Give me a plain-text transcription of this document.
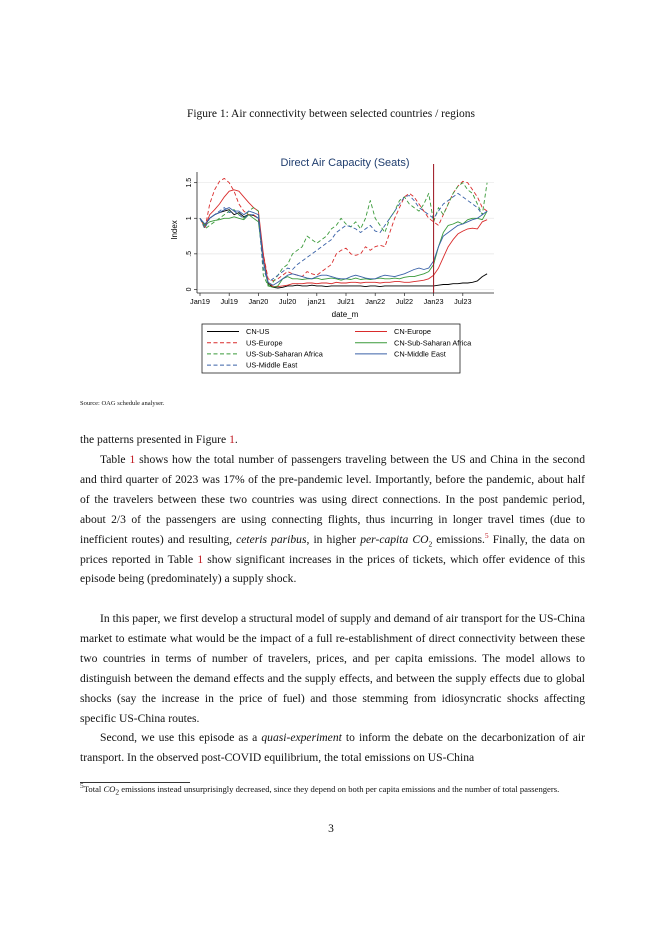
Figure 1: Air connectivity between selected countries / regions
Direct Air Capacity (Seats)
0
.5
1
1.5
Jan19 Jul19 Jan20 Jul20 jan21 Jul21 Jan22 Jul22 Jan23 Jul23
Index
date_m
CN-US	CN-Europe
US-Europe	CN-Sub-Saharan Africa
US-Sub-Saharan Africa	CN-Middle East
US-Middle East
Source: OAG schedule analyser.

the patterns presented in Figure 1.

Table 1 shows how the total number of passengers traveling between the US and China in the second and third quarter of 2023 was 17% of the pre-pandemic level. Importantly, before the pandemic, about half of the travelers between these two countries was using direct connections. In the post pandemic period, about 2/3 of the passengers are using connecting flights, thus incurring in longer travel times (due to inefficient routes) and resulting, ceteris paribus, in higher per-capita $CO_2$ emissions.$^5$ Finally, the data on prices reported in Table 1 show significant increases in the prices of tickets, which offer evidence of this episode being (predominately) a supply shock.

In this paper, we first develop a structural model of supply and demand of air transport for the US-China market to estimate what would be the impact of a full re-establishment of direct connectivity between these two countries in terms of number of travelers, prices, and per capita emissions. The model allows to distinguish between the demand effects and the supply effects, and between the supply effects due to global shocks (say the increase in the price of fuel) and those stemming from idiosyncratic shocks affecting specific US-China routes.

Second, we use this episode as a quasi-experiment to inform the debate on the decarbonization of air transport. In the observed post-COVID equilibrium, the total emissions on US-China

$^5$Total $CO_2$ emissions instead unsurprisingly decreased, since they depend on both per capita emissions and the number of total passengers.

3
